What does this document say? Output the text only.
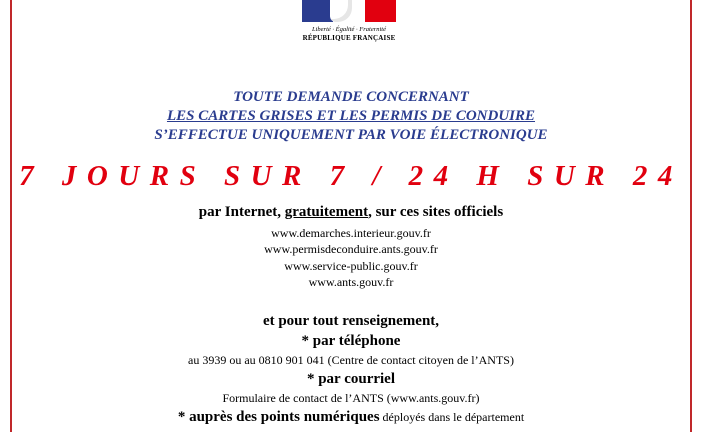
Liberté · Égalité · Fraternité
RÉPUBLIQUE FRANÇAISE
TOUTE DEMANDE CONCERNANT
LES CARTES GRISES ET LES PERMIS DE CONDUIRE
S’EFFECTUE UNIQUEMENT PAR VOIE ÉLECTRONIQUE
7 JOURS SUR 7 / 24 H SUR 24
par Internet, gratuitement, sur ces sites officiels
www.demarches.interieur.gouv.fr
www.permisdeconduire.ants.gouv.fr
www.service-public.gouv.fr
www.ants.gouv.fr
et pour tout renseignement,
* par téléphone
au 3939 ou au 0810 901 041 (Centre de contact citoyen de l’ANTS)
* par courriel
Formulaire de contact de l’ANTS (www.ants.gouv.fr)
* auprès des points numériques déployés dans le département
